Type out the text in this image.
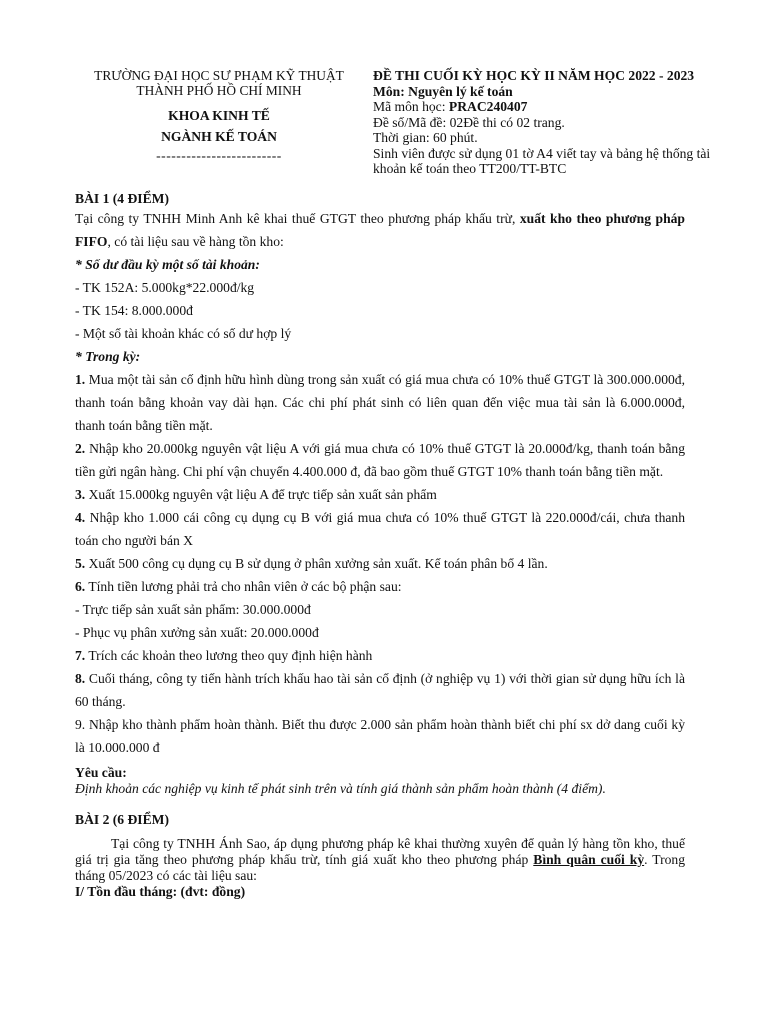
TRƯỜNG ĐẠI HỌC SƯ PHẠM KỸ THUẬT
THÀNH PHỐ HỒ CHÍ MINH
KHOA KINH TẾ
NGÀNH KẾ TOÁN
-------------------------
ĐỀ THI CUỐI KỲ HỌC KỲ II NĂM HỌC 2022 - 2023
Môn: Nguyên lý kế toán
Mã môn học: PRAC240407
Đề số/Mã đề: 02Đề thi có 02 trang.
Thời gian: 60 phút.
Sinh viên được sử dụng 01 tờ A4 viết tay và bảng hệ thống tài khoản kế toán theo TT200/TT-BTC
BÀI 1 (4 ĐIỂM)

Tại công ty TNHH Minh Anh kê khai thuế GTGT theo phương pháp khấu trừ, xuất kho theo phương pháp FIFO, có tài liệu sau về hàng tồn kho:

* Số dư đầu kỳ một số tài khoản:

- TK 152A: 5.000kg*22.000đ/kg

- TK 154: 8.000.000đ

- Một số tài khoản khác có số dư hợp lý

* Trong kỳ:

1. Mua một tài sản cố định hữu hình dùng trong sản xuất có giá mua chưa có 10% thuế GTGT là 300.000.000đ, thanh toán bằng khoản vay dài hạn. Các chi phí phát sinh có liên quan đến việc mua tài sản là 6.000.000đ, thanh toán bằng tiền mặt.

2. Nhập kho 20.000kg nguyên vật liệu A với giá mua chưa có 10% thuế GTGT là 20.000đ/kg, thanh toán bằng tiền gửi ngân hàng. Chi phí vận chuyển 4.400.000 đ, đã bao gồm thuế GTGT 10% thanh toán bằng tiền mặt.

3. Xuất 15.000kg nguyên vật liệu A để trực tiếp sản xuất sản phẩm

4. Nhập kho 1.000 cái công cụ dụng cụ B với giá mua chưa có 10% thuế GTGT là 220.000đ/cái, chưa thanh toán cho người bán X

5. Xuất 500 công cụ dụng cụ B sử dụng ở phân xưởng sản xuất. Kế toán phân bổ 4 lần.

6. Tính tiền lương phải trả cho nhân viên ở các bộ phận sau:

- Trực tiếp sản xuất sản phẩm: 30.000.000đ

- Phục vụ phân xưởng sản xuất: 20.000.000đ

7. Trích các khoản theo lương theo quy định hiện hành

8. Cuối tháng, công ty tiến hành trích khấu hao tài sản cố định (ở nghiệp vụ 1) với thời gian sử dụng hữu ích là 60 tháng.

9. Nhập kho thành phẩm hoàn thành. Biết thu được 2.000 sản phẩm hoàn thành biết chi phí sx dở dang cuối kỳ là 10.000.000 đ

Yêu cầu:
Định khoản các nghiệp vụ kinh tế phát sinh trên và tính giá thành sản phẩm hoàn thành (4 điểm).
BÀI 2 (6 ĐIỂM)
Tại công ty TNHH Ánh Sao, áp dụng phương pháp kê khai thường xuyên để quản lý hàng tồn kho, thuế giá trị gia tăng theo phương pháp khấu trừ, tính giá xuất kho theo phương pháp Bình quân cuối kỳ. Trong tháng 05/2023 có các tài liệu sau:
I/ Tồn đầu tháng: (đvt: đồng)
